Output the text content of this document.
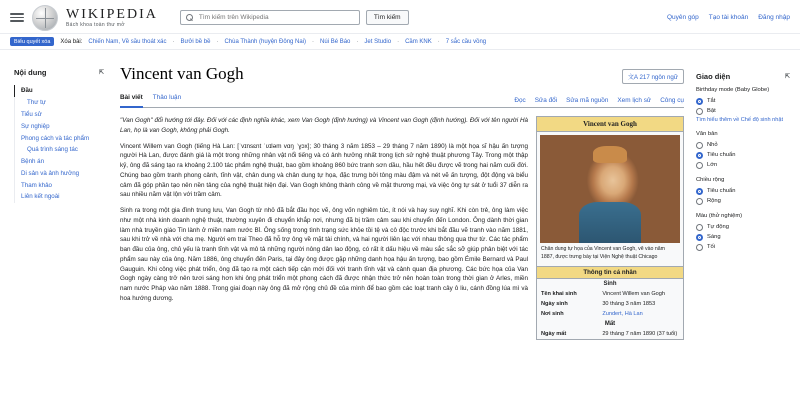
WIKIPEDIA
Bách khoa toàn thư mở
Tìm kiếm trên Wikipedia
Tìm kiếm	Quyên góp Tạo tài khoản Đăng nhập
Biểu quyết xóa	Xóa bài: Chiến Nam, Về sầu thoát xác · Bưởi bề bề · Chùa Thành (huyện Đông Nai) · Núi Bé Báo · Jet Studio · Cầm KNK · 7 sắc cầu vồng
Nội dung	⇱
Đầu
Thư tự
Tiểu sử
Sự nghiệp
Phong cách và tác phẩm
Quá trình sáng tác
Bệnh án
Di sản và ảnh hưởng
Tham khảo
Liên kết ngoài
Vincent van Gogh	文A 217 ngôn ngữ
Bài viết Thảo luận	Đọc Sửa đổi Sửa mã nguồn Xem lịch sử Công cụ

"Van Gogh" đổi hướng tới đây. Đối với các định nghĩa khác, xem Van Gogh (định hướng) và Vincent van Gogh (định hướng). Đối với tên người Hà Lan, họ là van Gogh, không phải Gogh.

Vincent Willem van Gogh (tiếng Hà Lan: [ˈvɪnsɛnt ˈʋɪləm vɑŋ ˈɣɔx]; 30 tháng 3 năm 1853 – 29 tháng 7 năm 1890) là một họa sĩ hậu ấn tượng người Hà Lan, được đánh giá là một trong những nhân vật nổi tiếng và có ảnh hưởng nhất trong lịch sử nghệ thuật phương Tây. Trong một thập kỷ, ông đã sáng tạo ra khoảng 2.100 tác phẩm nghệ thuật, bao gồm khoảng 860 bức tranh sơn dầu, hầu hết đều được vẽ trong hai năm cuối đời. Chúng bao gồm tranh phong cảnh, tĩnh vật, chân dung và chân dung tự họa, đặc trưng bởi tông màu đậm và nét vẽ ấn tượng, đột động và biểu cảm đã góp phần tạo nên nền tảng của nghệ thuật hiện đại. Van Gogh không thành công về mặt thương mại, và việc ông tự sát ở tuổi 37 diễn ra sau nhiều năm vật lộn với trầm cảm.

Sinh ra trong một gia đình trung lưu, Van Gogh từ nhỏ đã bắt đầu học vẽ, ông vốn nghiêm túc, ít nói và hay suy nghĩ. Khi còn trẻ, ông làm việc như một nhà kinh doanh nghệ thuật, thường xuyên đi chuyển khắp nơi, nhưng đã bị trầm cảm sau khi chuyển đến London. Ông dành thời gian làm nhà truyền giáo Tin lành ở miền nam nước Bỉ. Ông sống trong tình trạng sức khỏe tồi tệ và cô độc trước khi bắt đầu vẽ tranh vào năm 1881, sau khi trở về nhà với cha mẹ. Người em trai Theo đã hỗ trợ ông về mặt tài chính, và hai người liên lạc với nhau thông qua thư từ. Các tác phẩm ban đầu của ông, chủ yếu là tranh tĩnh vật và mô tả những người nông dân lao động, có rất ít dấu hiệu về màu sắc sắc sỡ giúp phân biệt với tác phẩm sau này của ông. Năm 1886, ông chuyển đến Paris, tại đây ông được gặp những danh họa hậu ấn tượng, bao gồm Émile Bernard và Paul Gauguin. Khi công việc phát triển, ông đã tạo ra một cách tiếp cận mới đối với tranh tĩnh vật và cảnh quan địa phương. Các bức họa của Van Gogh ngày càng trở nên tươi sáng hơn khi ông phát triển một phong cách đã được nhận thức trở nên hoàn toàn trong thời gian ở Arles, miền nam nước Pháp vào năm 1888. Trong giai đoạn này ông đã mở rộng chủ đề của mình để bao gồm các loạt tranh cây ô liu, cánh đồng lúa mì và hoa hướng dương.

Vincent van Gogh
Chân dung tự họa của Vincent van Gogh, vẽ vào năm 1887, được trưng bày tại Viện Nghệ thuật Chicago
Thông tin cá nhân
Sinh
Tên khai sinh	Vincent Willem van Gogh
Ngày sinh	30 tháng 3 năm 1853
Nơi sinh	Zundert, Hà Lan
Mất
Ngày mất	29 tháng 7 năm 1890 (37 tuổi)
Giao diện	⇱
Birthday mode (Baby Globe)
Tắt
Bật
Tìm hiểu thêm về Chế độ sinh nhật
Văn bản
Nhỏ
Tiêu chuẩn
Lớn
Chiều rộng
Tiêu chuẩn
Rộng
Màu (thử nghiệm)
Tự động
Sáng
Tối
